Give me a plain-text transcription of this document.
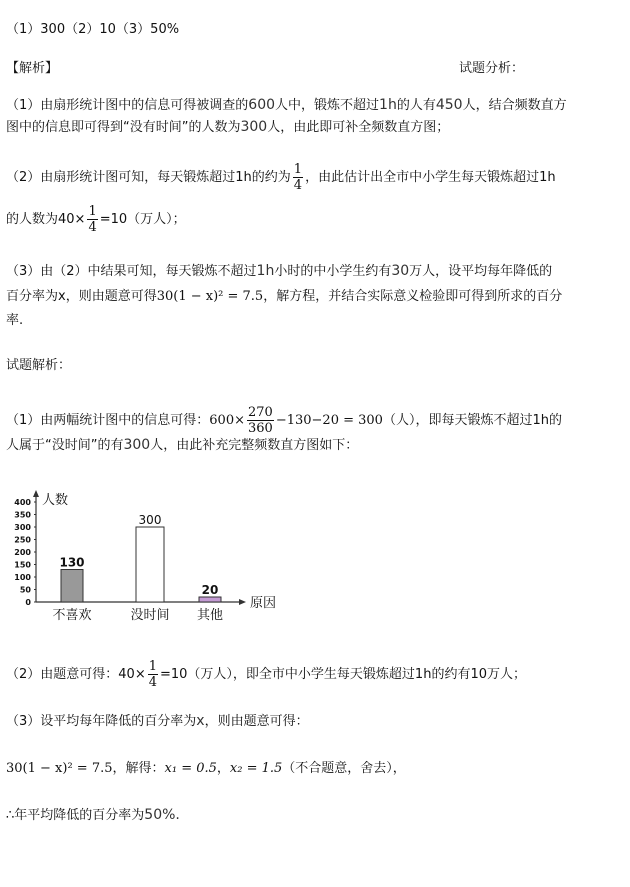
（1）300（2）10（3）50%
【解析】	试题分析：
（1）由扇形统计图中的信息可得被调查的600人中，锻炼不超过1h的人有450人，结合频数直方
图中的信息即可得到“没有时间”的人数为300人，由此即可补全频数直方图；
（2）由扇形统计图可知，每天锻炼超过1h的约为 $\frac{1}{4}$ ，由此估计出全市中小学生每天锻炼超过1h
的人数为$40\times \frac{1}{4} =10$（万人）；
（3）由（2）中结果可知，每天锻炼不超过1h小时的中小学生约有30万人，设平均每年降低的
百分率为x，则由题意可得30(1 − x)² = 7.5，解方程，并结合实际意义检验即可得到所求的百分
率.
试题解析：
（1）由两幅统计图中的信息可得：$600\times \frac{270}{360} -130-20 = 300$（人），即每天锻炼不超过1h的
人属于“没时间”的有300人，由此补充完整频数直方图如下：
人数
原因
400
350
300
250
200
150
100
50
0
130
不喜欢
300
没时间
20
其他
（2）由题意可得：$40\times \frac{1}{4} =10$（万人），即全市中小学生每天锻炼超过1h的约有10万人；
（3）设平均每年降低的百分率为x，则由题意可得：
30(1 − x)² = 7.5，解得：x₁ = 0.5，x₂ = 1.5（不合题意，舍去），
∴年平均降低的百分率为50%.
